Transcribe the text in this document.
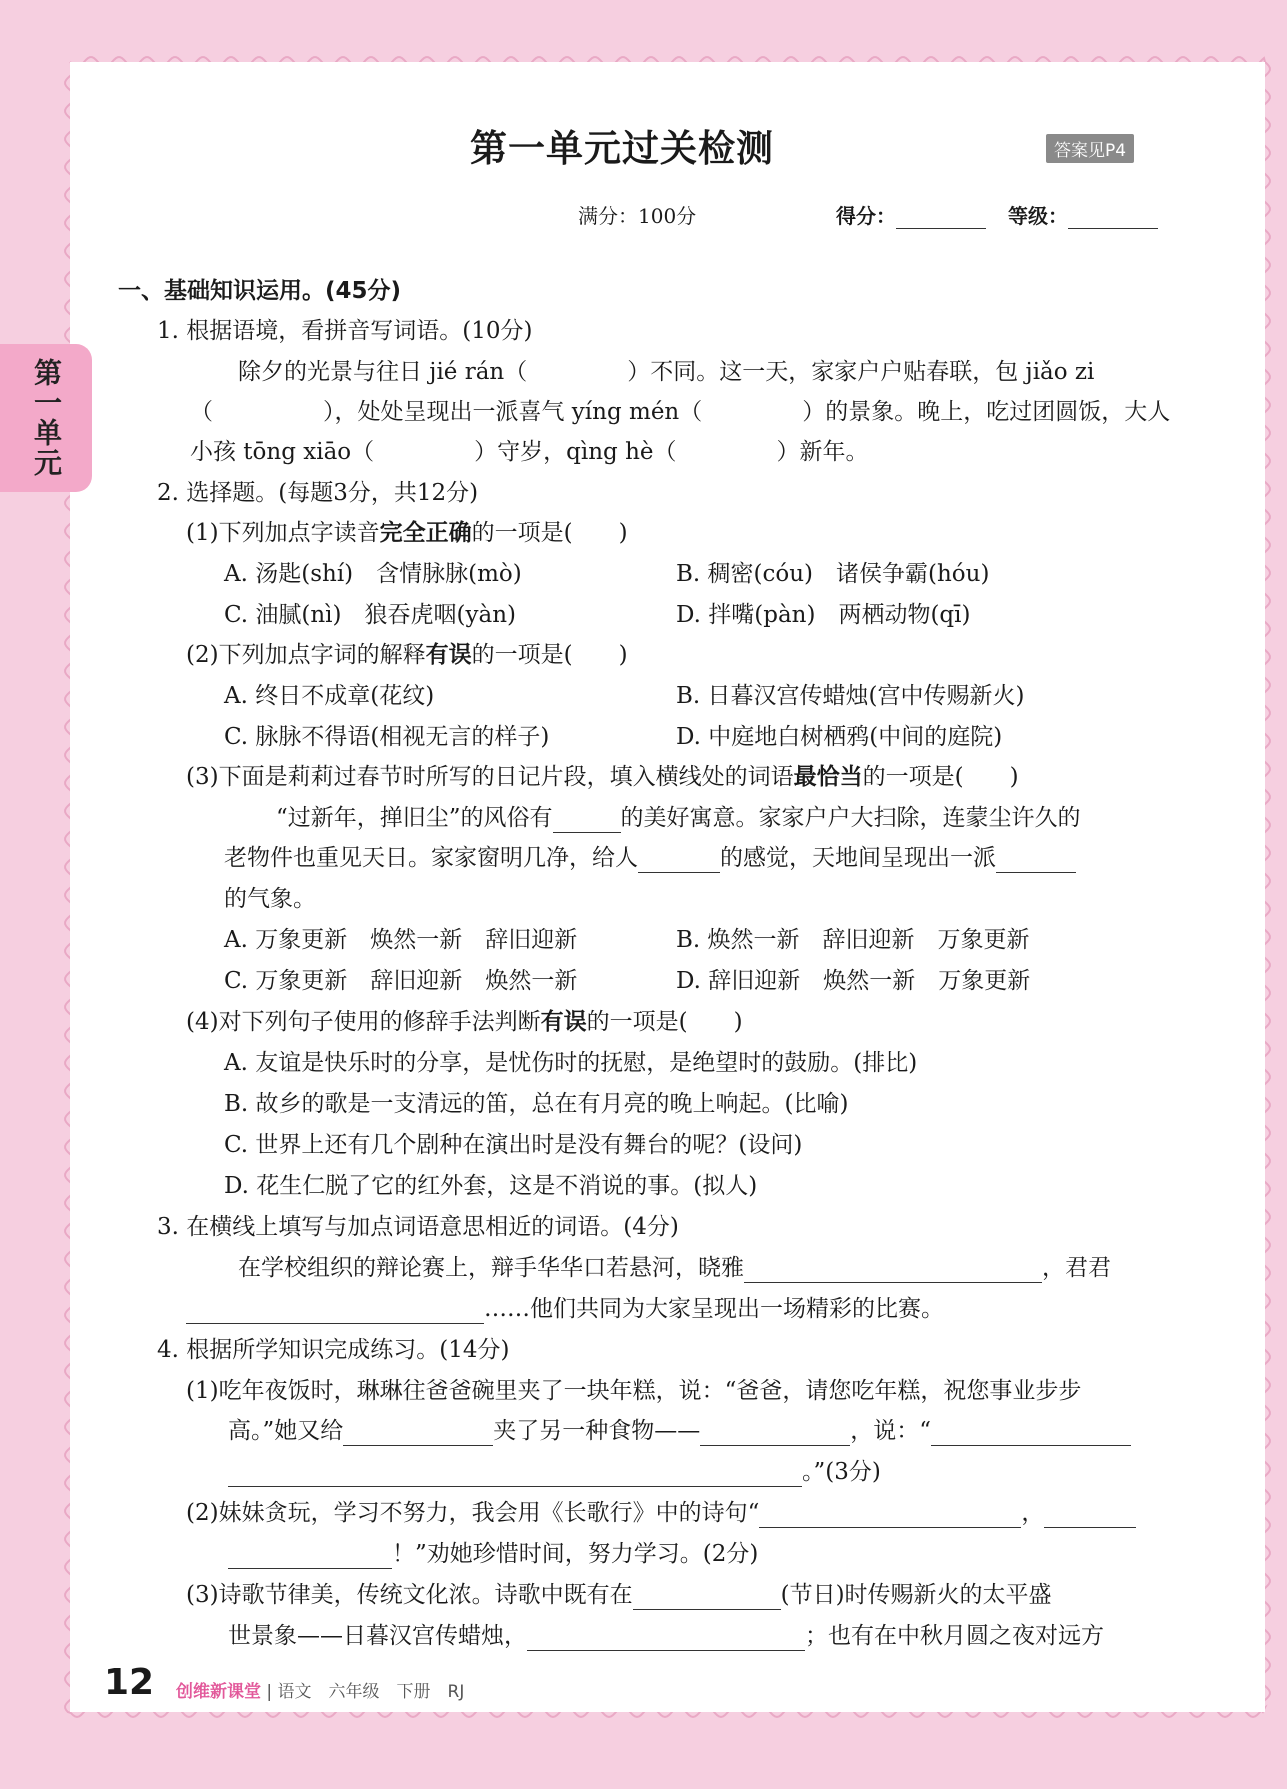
第一单元
第一单元过关检测	答案见P4
满分：100分	得分：	等级：
一、基础知识运用。(45分)
1. 根据语境，看拼音写词语。(10分)
除夕的光景与往日 jié rán（	）不同。这一天，家家户户贴春联，包 jiǎo zi
（	），处处呈现出一派喜气 yíng mén（	）的景象。晚上，吃过团圆饭，大人
小孩 tōng xiāo（	）守岁，qìng hè（	）新年。
2. 选择题。(每题3分，共12分)
(1)下列加点字读音完全正确的一项是(　　)
A. 汤匙(shí)　含情脉脉(mò)	B. 稠密(cóu)　诸侯争霸(hóu)
C. 油腻(nì)　狼吞虎咽(yàn)	D. 拌嘴(pàn)　两栖动物(qī)
(2)下列加点字词的解释有误的一项是(　　)
A. 终日不成章(花纹)	B. 日暮汉宫传蜡烛(宫中传赐新火)
C. 脉脉不得语(相视无言的样子)	D. 中庭地白树栖鸦(中间的庭院)
(3)下面是莉莉过春节时所写的日记片段，填入横线处的词语最恰当的一项是(　　)
“过新年，掸旧尘”的风俗有	的美好寓意。家家户户大扫除，连蒙尘许久的
老物件也重见天日。家家窗明几净，给人	的感觉，天地间呈现出一派
的气象。
A. 万象更新　焕然一新　辞旧迎新	B. 焕然一新　辞旧迎新　万象更新
C. 万象更新　辞旧迎新　焕然一新	D. 辞旧迎新　焕然一新　万象更新
(4)对下列句子使用的修辞手法判断有误的一项是(　　)
A. 友谊是快乐时的分享，是忧伤时的抚慰，是绝望时的鼓励。(排比)
B. 故乡的歌是一支清远的笛，总在有月亮的晚上响起。(比喻)
C. 世界上还有几个剧种在演出时是没有舞台的呢？(设问)
D. 花生仁脱了它的红外套，这是不消说的事。(拟人)
3. 在横线上填写与加点词语意思相近的词语。(4分)
在学校组织的辩论赛上，辩手华华口若悬河，晓雅	，君君
……他们共同为大家呈现出一场精彩的比赛。
4. 根据所学知识完成练习。(14分)
(1)吃年夜饭时，琳琳往爸爸碗里夹了一块年糕，说：“爸爸，请您吃年糕，祝您事业步步
高。”她又给	夹了另一种食物——	，说：“
。”(3分)
(2)妹妹贪玩，学习不努力，我会用《长歌行》中的诗句“	，
！”劝她珍惜时间，努力学习。(2分)
(3)诗歌节律美，传统文化浓。诗歌中既有在	(节日)时传赐新火的太平盛
世景象——日暮汉宫传蜡烛，	；也有在中秋月圆之夜对远方
12 创维新课堂 | 语文　六年级　下册　RJ
